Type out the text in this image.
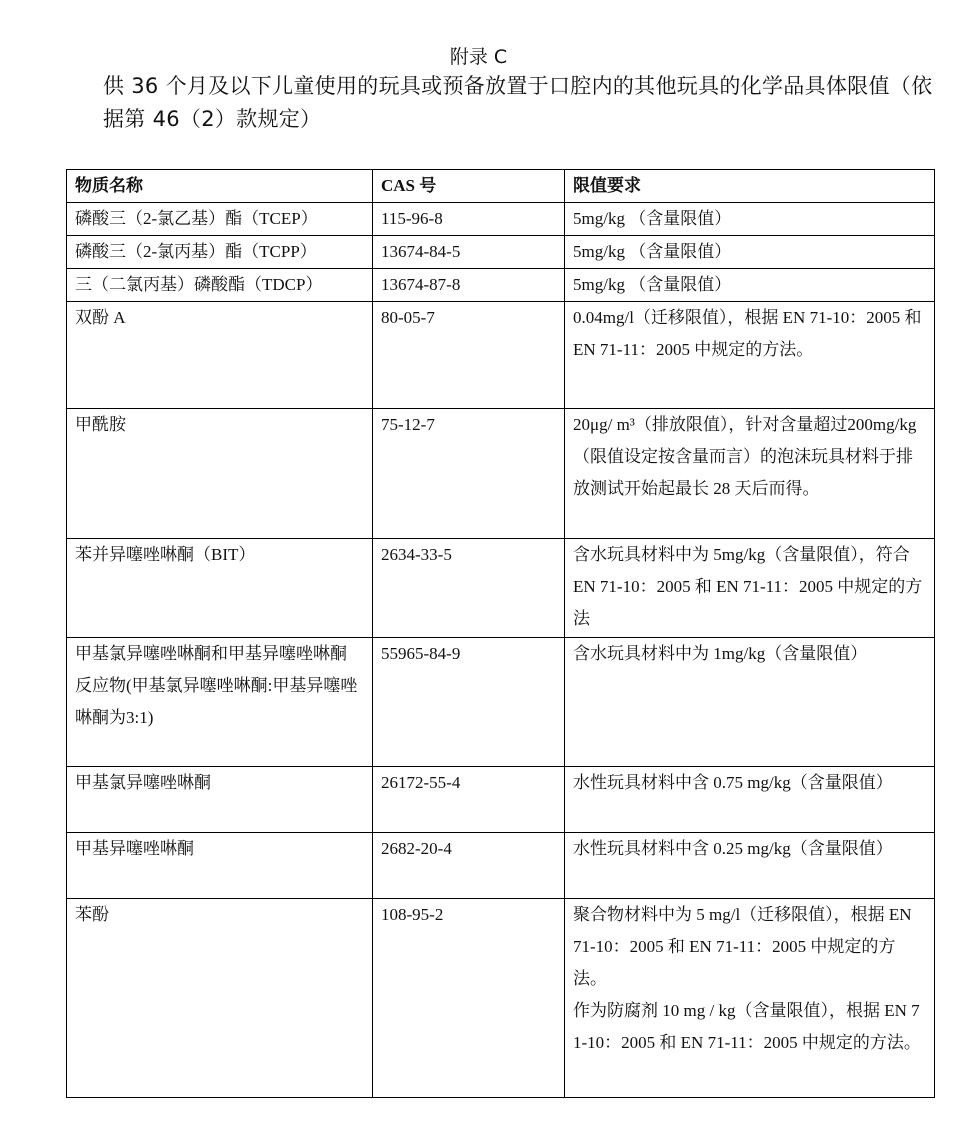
附录 C
供 36 个月及以下儿童使用的玩具或预备放置于口腔内的其他玩具的化学品具体限值（依据第 46（2）款规定）
物质名称	CAS 号	限值要求
磷酸三（2-氯乙基）酯（TCEP）	115-96-8	5mg/kg （含量限值）
磷酸三（2-氯丙基）酯（TCPP）	13674-84-5	5mg/kg （含量限值）
三（二氯丙基）磷酸酯（TDCP）	13674-87-8	5mg/kg （含量限值）
双酚 A	80-05-7	0.04mg/l（迁移限值），根据 EN 71-10：2005 和 EN 71-11：2005 中规定的方法。
甲酰胺	75-12-7	20μg/ m³（排放限值），针对含量超过200mg/kg（限值设定按含量而言）的泡沫玩具材料于排放测试开始起最长 28 天后而得。
苯并异噻唑啉酮（BIT）	2634-33-5	含水玩具材料中为 5mg/kg（含量限值），符合 EN 71-10：2005 和 EN 71-11：2005 中规定的方法
甲基氯异噻唑啉酮和甲基异噻唑啉酮反应物(甲基氯异噻唑啉酮:甲基异噻唑啉酮为3:1)	55965-84-9	含水玩具材料中为 1mg/kg（含量限值）
甲基氯异噻唑啉酮	26172-55-4	水性玩具材料中含 0.75 mg/kg（含量限值）
甲基异噻唑啉酮	2682-20-4	水性玩具材料中含 0.25 mg/kg（含量限值）
苯酚	108-95-2	聚合物材料中为 5 mg/l（迁移限值），根据 EN 71-10：2005 和 EN 71-11：2005 中规定的方法。
作为防腐剂 10 mg / kg（含量限值），根据 EN 71-10：2005 和 EN 71-11：2005 中规定的方法。
